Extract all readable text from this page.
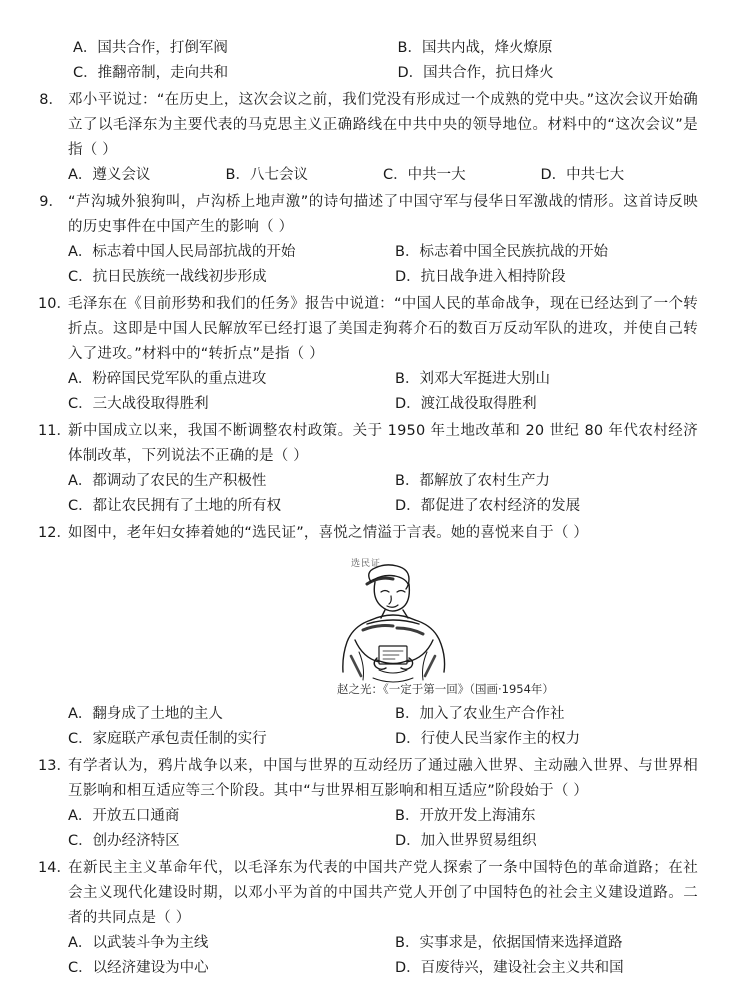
A．国共合作，打倒军阀	B．国共内战，烽火燎原
C．推翻帝制，走向共和	D．国共合作，抗日烽火
8． 邓小平说过：“在历史上，这次会议之前，我们党没有形成过一个成熟的党中央。”这次会议开始确立了以毛泽东为主要代表的马克思主义正确路线在中共中央的领导地位。材料中的“这次会议”是指（ ）
A．遵义会议	B．八七会议	C．中共一大	D．中共七大
9． “芦沟城外狼狗叫，卢沟桥上地声激”的诗句描述了中国守军与侵华日军激战的情形。这首诗反映的历史事件在中国产生的影响（ ）
A．标志着中国人民局部抗战的开始	B．标志着中国全民族抗战的开始
C．抗日民族统一战线初步形成	D．抗日战争进入相持阶段
10．
毛泽东在《目前形势和我们的任务》报告中说道：“中国人民的革命战争，现在已经达到了一个转折点。这即是中国人民解放军已经打退了美国走狗蒋介石的数百万反动军队的进攻，并使自己转入了进攻。”材料中的“转折点”是指（ ）
A．粉碎国民党军队的重点进攻	B．刘邓大军挺进大别山
C．三大战役取得胜利	D．渡江战役取得胜利
11．
新中国成立以来，我国不断调整农村政策。关于 1950 年土地改革和 20 世纪 80 年代农村经济体制改革，下列说法不正确的是（ ）
A．都调动了农民的生产积极性	B．都解放了农村生产力
C．都让农民拥有了土地的所有权	D．都促进了农村经济的发展
12．
如图中，老年妇女捧着她的“选民证”，喜悦之情溢于言表。她的喜悦来自于（ ）
选民证
赵之光：《一定于第一回》（国画·1954年）
A．翻身成了土地的主人	B．加入了农业生产合作社
C．家庭联产承包责任制的实行	D．行使人民当家作主的权力
13．
有学者认为，鸦片战争以来，中国与世界的互动经历了通过融入世界、主动融入世界、与世界相互影响和相互适应等三个阶段。其中“与世界相互影响和相互适应”阶段始于（ ）
A．开放五口通商	B．开放开发上海浦东
C．创办经济特区	D．加入世界贸易组织
14．
在新民主主义革命年代，以毛泽东为代表的中国共产党人探索了一条中国特色的革命道路；在社会主义现代化建设时期，以邓小平为首的中国共产党人开创了中国特色的社会主义建设道路。二者的共同点是（ ）
A．以武装斗争为主线	B．实事求是，依据国情来选择道路
C．以经济建设为中心	D．百废待兴，建设社会主义共和国
